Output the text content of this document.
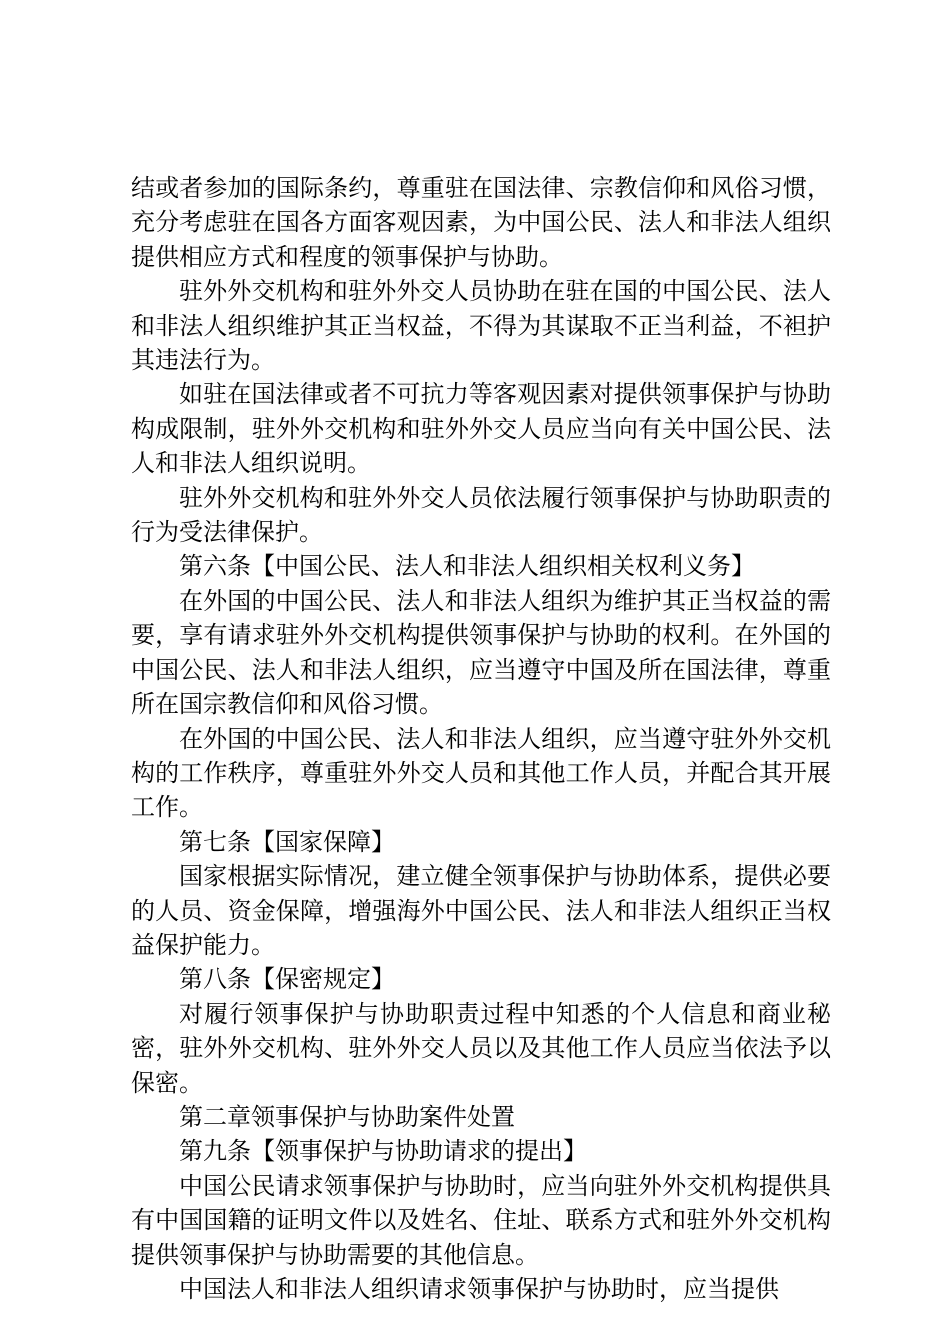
结或者参加的国际条约，尊重驻在国法律、宗教信仰和风俗习惯，充分考虑驻在国各方面客观因素，为中国公民、法人和非法人组织提供相应方式和程度的领事保护与协助。

驻外外交机构和驻外外交人员协助在驻在国的中国公民、法人和非法人组织维护其正当权益，不得为其谋取不正当利益，不袒护其违法行为。

如驻在国法律或者不可抗力等客观因素对提供领事保护与协助构成限制，驻外外交机构和驻外外交人员应当向有关中国公民、法人和非法人组织说明。

驻外外交机构和驻外外交人员依法履行领事保护与协助职责的行为受法律保护。

第六条【中国公民、法人和非法人组织相关权利义务】

在外国的中国公民、法人和非法人组织为维护其正当权益的需要，享有请求驻外外交机构提供领事保护与协助的权利。在外国的中国公民、法人和非法人组织，应当遵守中国及所在国法律，尊重所在国宗教信仰和风俗习惯。

在外国的中国公民、法人和非法人组织，应当遵守驻外外交机构的工作秩序，尊重驻外外交人员和其他工作人员，并配合其开展工作。

第七条【国家保障】

国家根据实际情况，建立健全领事保护与协助体系，提供必要的人员、资金保障，增强海外中国公民、法人和非法人组织正当权益保护能力。

第八条【保密规定】

对履行领事保护与协助职责过程中知悉的个人信息和商业秘密，驻外外交机构、驻外外交人员以及其他工作人员应当依法予以保密。

第二章领事保护与协助案件处置

第九条【领事保护与协助请求的提出】

中国公民请求领事保护与协助时，应当向驻外外交机构提供具有中国国籍的证明文件以及姓名、住址、联系方式和驻外外交机构提供领事保护与协助需要的其他信息。

中国法人和非法人组织请求领事保护与协助时，应当提供
